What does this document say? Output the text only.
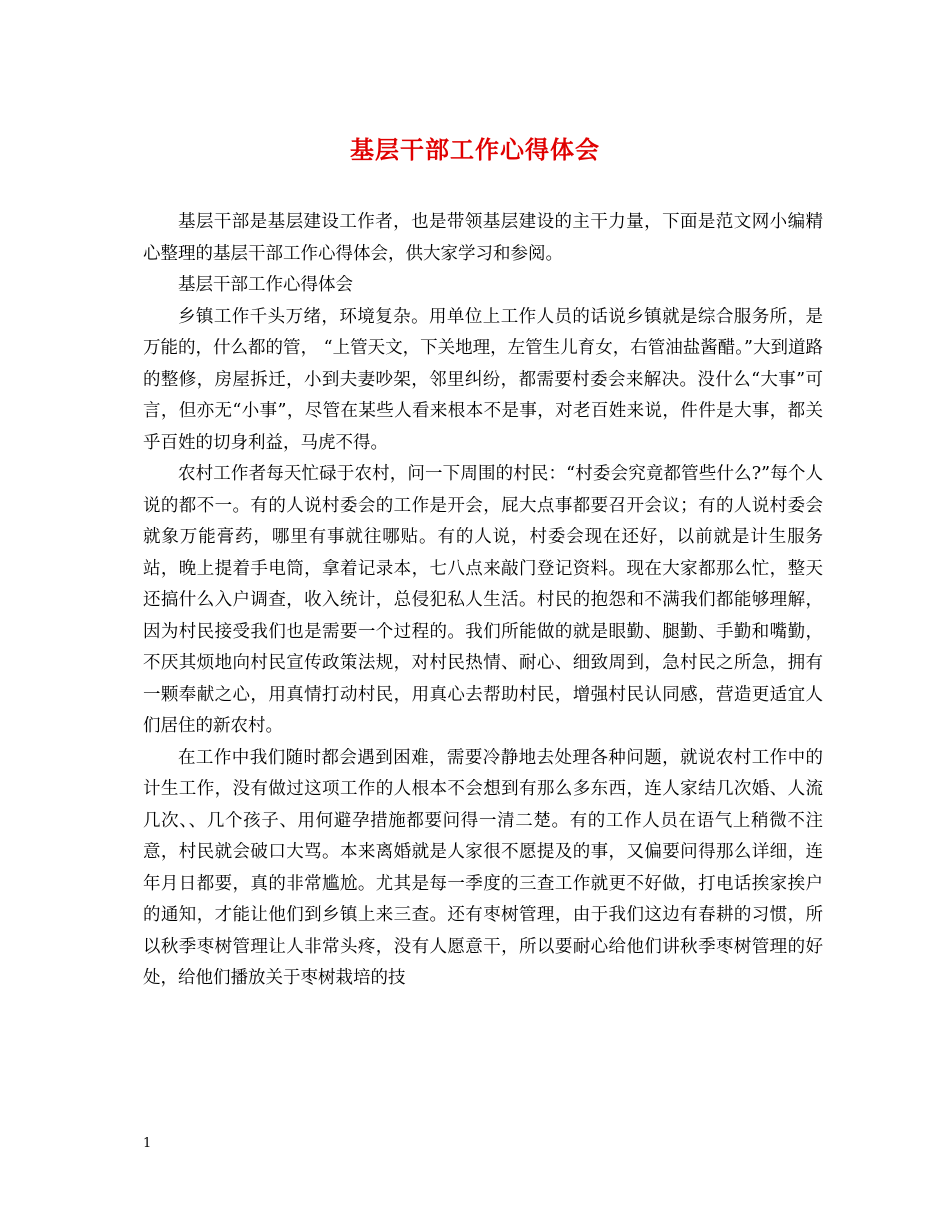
基层干部工作心得体会

基层干部是基层建设工作者，也是带领基层建设的主干力量，下面是范文网小编精心整理的基层干部工作心得体会，供大家学习和参阅。

基层干部工作心得体会

乡镇工作千头万绪，环境复杂。用单位上工作人员的话说乡镇就是综合服务所，是万能的，什么都的管， “上管天文，下关地理，左管生儿育女，右管油盐酱醋。”大到道路的整修，房屋拆迁，小到夫妻吵架，邻里纠纷，都需要村委会来解决。没什么“大事”可言，但亦无“小事”，尽管在某些人看来根本不是事，对老百姓来说，件件是大事，都关乎百姓的切身利益，马虎不得。

农村工作者每天忙碌于农村，问一下周围的村民：“村委会究竟都管些什么?”每个人说的都不一。有的人说村委会的工作是开会，屁大点事都要召开会议；有的人说村委会就象万能膏药，哪里有事就往哪贴。有的人说，村委会现在还好，以前就是计生服务站，晚上提着手电筒，拿着记录本，七八点来敲门登记资料。现在大家都那么忙，整天还搞什么入户调查，收入统计，总侵犯私人生活。村民的抱怨和不满我们都能够理解，因为村民接受我们也是需要一个过程的。我们所能做的就是眼勤、腿勤、手勤和嘴勤，不厌其烦地向村民宣传政策法规，对村民热情、耐心、细致周到，急村民之所急，拥有一颗奉献之心，用真情打动村民，用真心去帮助村民，增强村民认同感，营造更适宜人们居住的新农村。

在工作中我们随时都会遇到困难，需要冷静地去处理各种问题，就说农村工作中的计生工作，没有做过这项工作的人根本不会想到有那么多东西，连人家结几次婚、人流几次、、几个孩子、用何避孕措施都要问得一清二楚。有的工作人员在语气上稍微不注意，村民就会破口大骂。本来离婚就是人家很不愿提及的事，又偏要问得那么详细，连年月日都要，真的非常尴尬。尤其是每一季度的三查工作就更不好做，打电话挨家挨户的通知，才能让他们到乡镇上来三查。还有枣树管理，由于我们这边有春耕的习惯，所以秋季枣树管理让人非常头疼，没有人愿意干，所以要耐心给他们讲秋季枣树管理的好处，给他们播放关于枣树栽培的技

1
